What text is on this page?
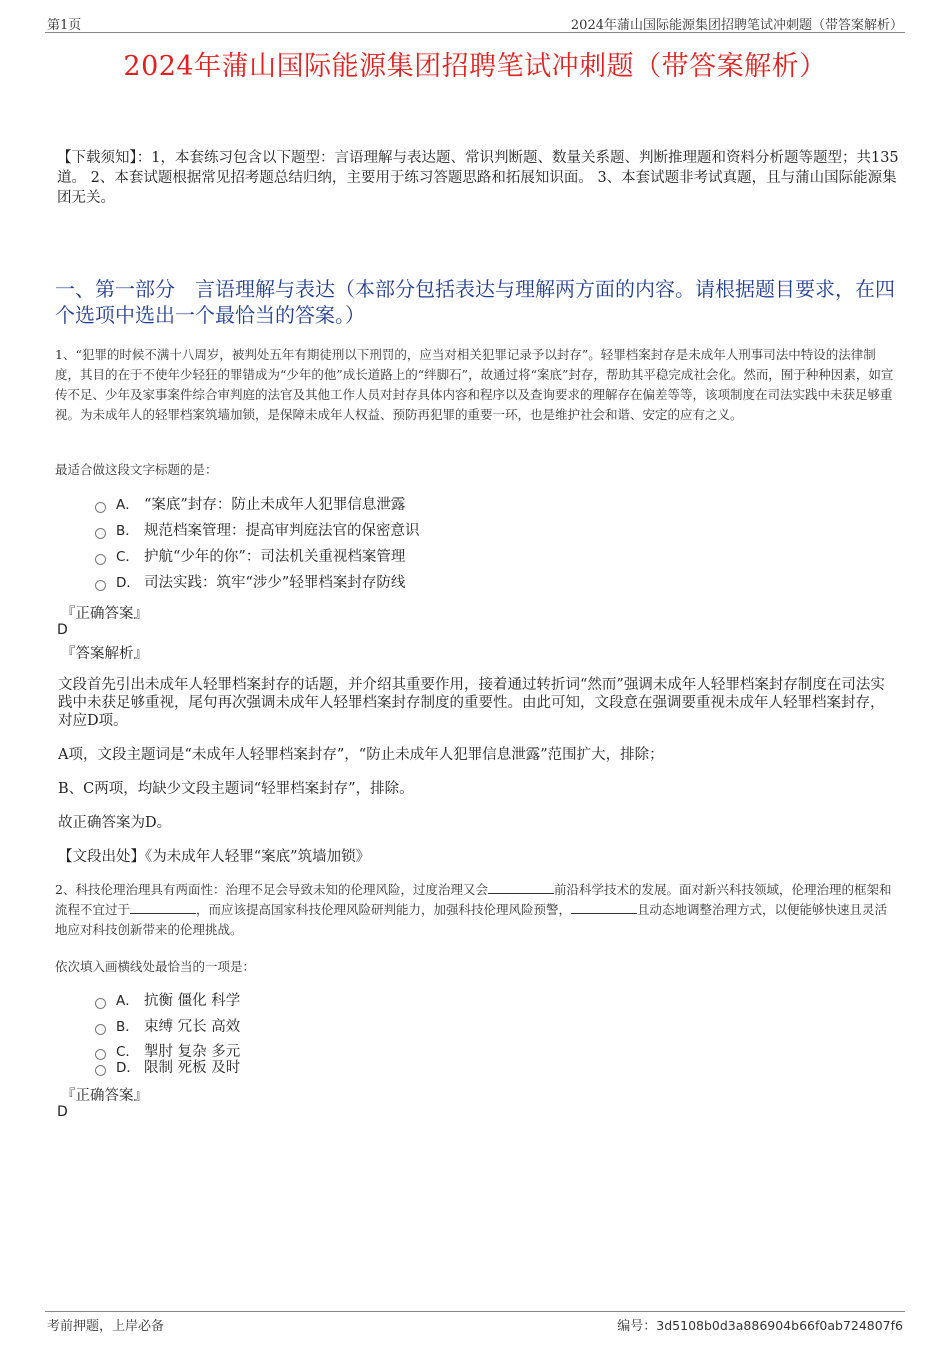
第1页	2024年蒲山国际能源集团招聘笔试冲刺题（带答案解析）
2024年蒲山国际能源集团招聘笔试冲刺题（带答案解析）
【下载须知】：1，本套练习包含以下题型：言语理解与表达题、常识判断题、数量关系题、判断推理题和资料分析题等题型；共135道。 2、本套试题根据常见招考题总结归纳，主要用于练习答题思路和拓展知识面。 3、本套试题非考试真题，且与蒲山国际能源集团无关。
一、第一部分　言语理解与表达（本部分包括表达与理解两方面的内容。请根据题目要求，在四个选项中选出一个最恰当的答案。）
1、“犯罪的时候不满十八周岁，被判处五年有期徒刑以下刑罚的，应当对相关犯罪记录予以封存”。轻罪档案封存是未成年人刑事司法中特设的法律制度，其目的在于不使年少轻狂的罪错成为“少年的他”成长道路上的“绊脚石”，故通过将“案底”封存，帮助其平稳完成社会化。然而，囿于种种因素，如宣传不足、少年及家事案件综合审判庭的法官及其他工作人员对封存具体内容和程序以及查询要求的理解存在偏差等等，该项制度在司法实践中未获足够重视。为未成年人的轻罪档案筑墙加锁，是保障未成年人权益、预防再犯罪的重要一环，也是维护社会和谐、安定的应有之义。
最适合做这段文字标题的是：
A． “案底”封存：防止未成年人犯罪信息泄露
B． 规范档案管理：提高审判庭法官的保密意识
C． 护航“少年的你”：司法机关重视档案管理
D． 司法实践：筑牢“涉少”轻罪档案封存防线
『正确答案』
D
『答案解析』
文段首先引出未成年人轻罪档案封存的话题，并介绍其重要作用，接着通过转折词“然而”强调未成年人轻罪档案封存制度在司法实践中未获足够重视，尾句再次强调未成年人轻罪档案封存制度的重要性。由此可知，文段意在强调要重视未成年人轻罪档案封存，对应D项。
A项，文段主题词是“未成年人轻罪档案封存”，“防止未成年人犯罪信息泄露”范围扩大，排除；
B、C两项，均缺少文段主题词“轻罪档案封存”，排除。
故正确答案为D。
【文段出处】《为未成年人轻罪“案底”筑墙加锁》
2、科技伦理治理具有两面性：治理不足会导致未知的伦理风险，过度治理又会	前沿科学技术的发展。面对新兴科技领域，伦理治理的框架和流程不宜过于	，而应该提高国家科技伦理风险研判能力，加强科技伦理风险预警，	且动态地调整治理方式，以便能够快速且灵活地应对科技创新带来的伦理挑战。
依次填入画横线处最恰当的一项是：
A． 抗衡 僵化 科学
B． 束缚 冗长 高效
C． 掣肘 复杂 多元
D． 限制 死板 及时
『正确答案』
D
考前押题，上岸必备	编号：3d5108b0d3a886904b66f0ab724807f6
